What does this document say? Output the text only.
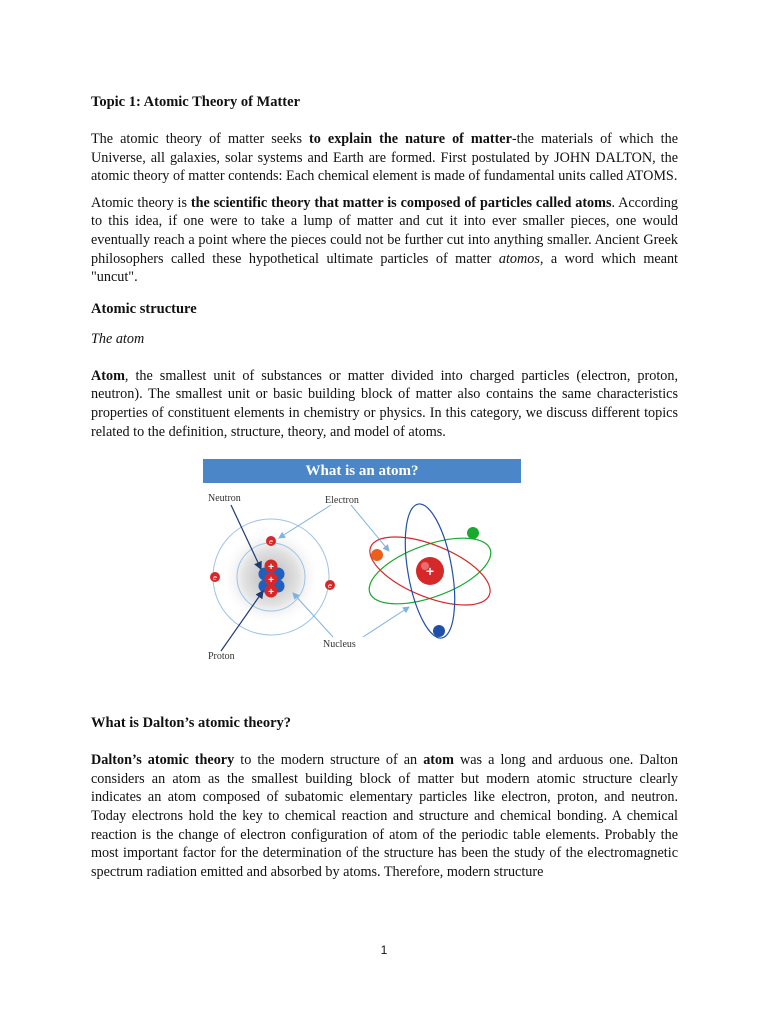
Topic 1: Atomic Theory of Matter

The atomic theory of matter seeks to explain the nature of matter-the materials of which the Universe, all galaxies, solar systems and Earth are formed. First postulated by JOHN DALTON, the atomic theory of matter contends: Each chemical element is made of fundamental units called ATOMS.

Atomic theory is the scientific theory that matter is composed of particles called atoms. According to this idea, if one were to take a lump of matter and cut it into ever smaller pieces, one would eventually reach a point where the pieces could not be further cut into anything smaller. Ancient Greek philosophers called these hypothetical ultimate particles of matter atomos, a word which meant "uncut".

Atomic structure

The atom

Atom, the smallest unit of substances or matter divided into charged particles (electron, proton, neutron). The smallest unit or basic building block of matter also contains the same characteristics properties of constituent elements in chemistry or physics. In this category, we discuss different topics related to the definition, structure, theory, and model of atoms.

What is an atom?
+
+
+
e
e
e
Neutron	Electron
Nucleus
Proton
+
What is Dalton’s atomic theory?

Dalton’s atomic theory to the modern structure of an atom was a long and arduous one. Dalton considers an atom as the smallest building block of matter but modern atomic structure clearly indicates an atom composed of subatomic elementary particles like electron, proton, and neutron. Today electrons hold the key to chemical reaction and structure and chemical bonding. A chemical reaction is the change of electron configuration of atom of the periodic table elements. Probably the most important factor for the determination of the structure has been the study of the electromagnetic spectrum radiation emitted and absorbed by atoms. Therefore, modern structure

1
